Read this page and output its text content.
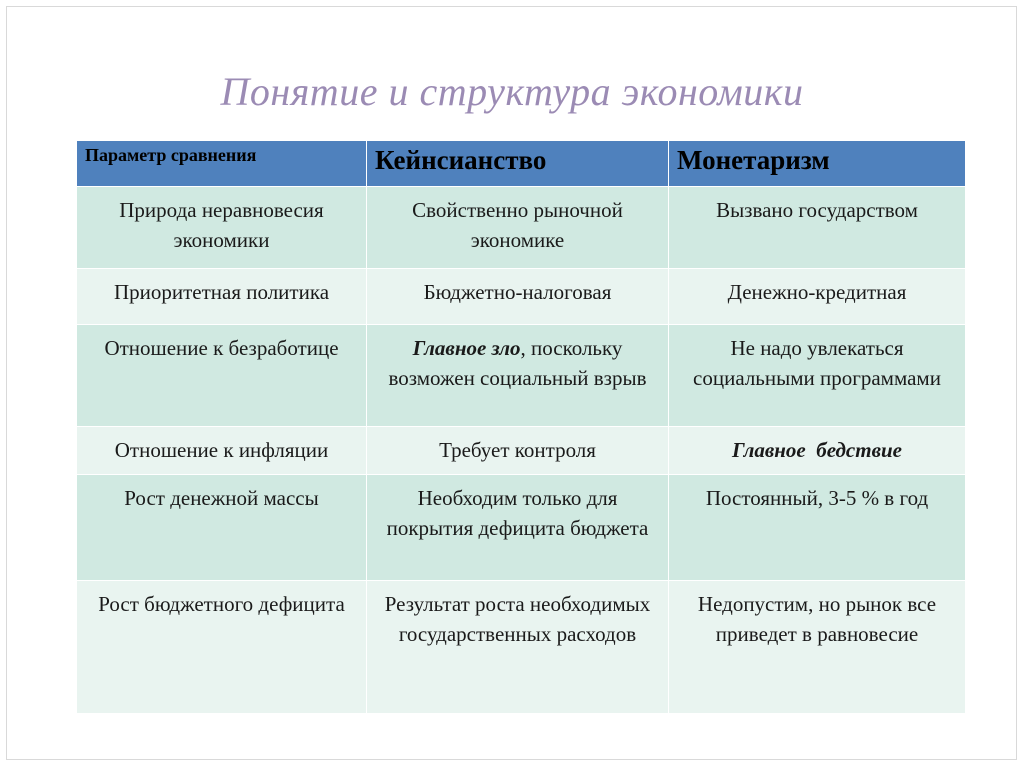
Понятие и структура экономики
Параметр сравнения	Кейнсианство	Монетаризм
Природа неравновесия экономики	Свойственно рыночной экономике	Вызвано государством
Приоритетная политика	Бюджетно-налоговая	Денежно-кредитная
Отношение к безработице	Главное зло, поскольку возможен социальный взрыв	Не надо увлекаться социальными программами
Отношение к инфляции	Требует контроля	Главное  бедствие
Рост денежной массы	Необходим только для покрытия дефицита бюджета	Постоянный, 3-5 % в год
Рост бюджетного дефицита	Результат роста необходимых государственных расходов	Недопустим, но рынок все приведет в равновесие
